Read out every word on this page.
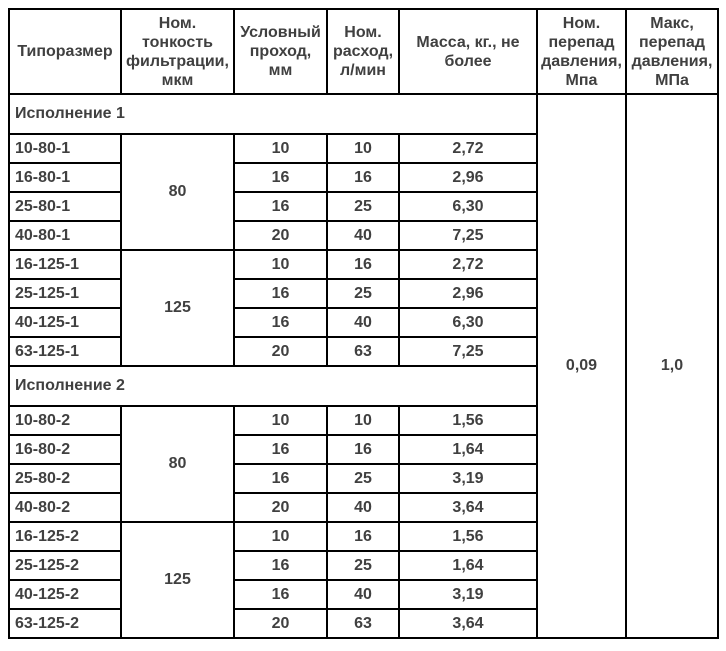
Типоразмер	Ном. тонкость фильтрации, мкм	Условный проход, мм	Ном. расход, л/мин	Масса, кг., не более	Ном. перепад давления, Мпа	Макс, перепад давления, МПа
Исполнение 1					0,09	1,0
10-80-1	80	10	10	2,72		
16-80-1		16	16	2,96		
25-80-1		16	25	6,30		
40-80-1		20	40	7,25		
16-125-1	125	10	16	2,72		
25-125-1		16	25	2,96		
40-125-1		16	40	6,30		
63-125-1		20	63	7,25		
Исполнение 2						
10-80-2	80	10	10	1,56		
16-80-2		16	16	1,64		
25-80-2		16	25	3,19		
40-80-2		20	40	3,64		
16-125-2	125	10	16	1,56		
25-125-2		16	25	1,64		
40-125-2		16	40	3,19		
63-125-2		20	63	3,64		
